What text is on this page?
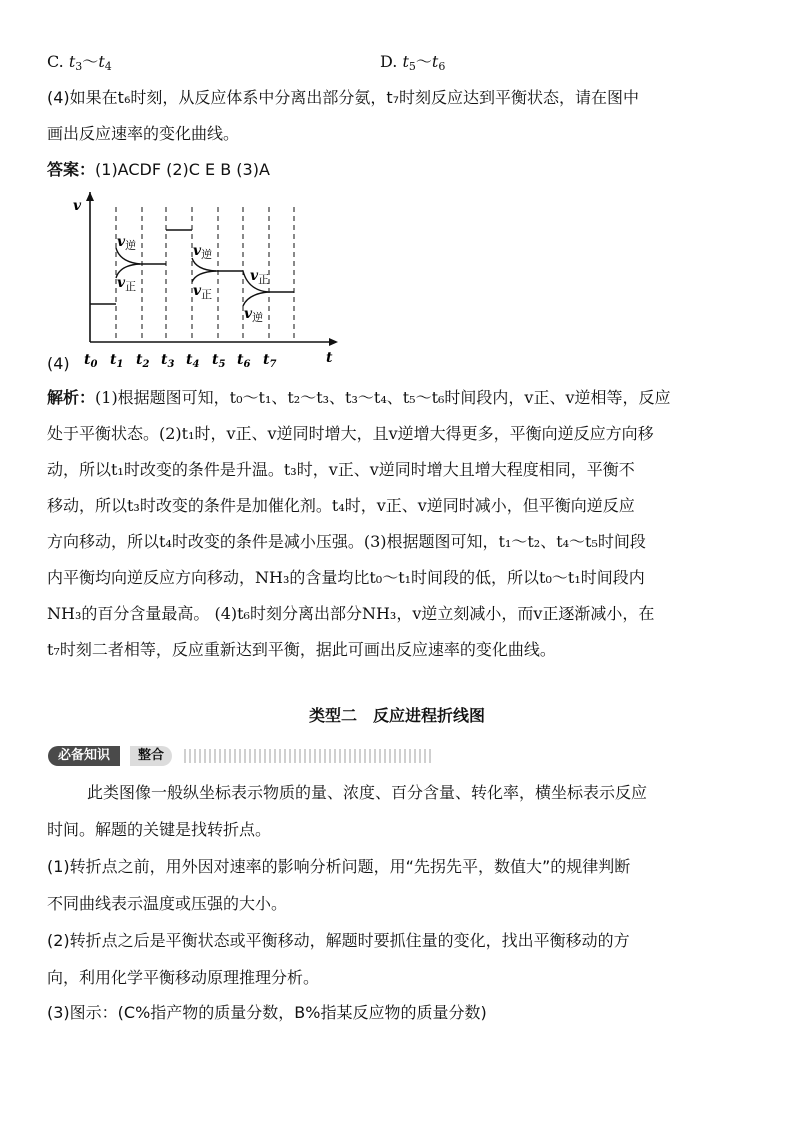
C. $t_3\sim t_4$	D. $t_5\sim t_6$
(4)如果在t₆时刻，从反应体系中分离出部分氨，t₇时刻反应达到平衡状态，请在图中
画出反应速率的变化曲线。
答案：(1)ACDF (2)C E B (3)A
(4)
v
t
$v_逆$
$v_正$
$v_逆$
$v_正$
$v_正$
$v_逆$
$t_0$ $t_1$ $t_2$ $t_3$ $t_4$ $t_5$ $t_6$ $t_7$
解析：(1)根据题图可知，t₀～t₁、t₂～t₃、t₃～t₄、t₅～t₆时间段内，v正、v逆相等，反应
处于平衡状态。(2)t₁时，v正、v逆同时增大，且v逆增大得更多，平衡向逆反应方向移
动，所以t₁时改变的条件是升温。t₃时，v正、v逆同时增大且增大程度相同，平衡不
移动，所以t₃时改变的条件是加催化剂。t₄时，v正、v逆同时减小，但平衡向逆反应
方向移动，所以t₄时改变的条件是减小压强。(3)根据题图可知，t₁～t₂、t₄～t₅时间段
内平衡均向逆反应方向移动，NH₃的含量均比t₀～t₁时间段的低，所以t₀～t₁时间段内
NH₃的百分含量最高。 (4)t₆时刻分离出部分NH₃，v逆立刻减小，而v正逐渐减小，在
t₇时刻二者相等，反应重新达到平衡，据此可画出反应速率的变化曲线。
类型二　反应进程折线图
必备知识	整合
此类图像一般纵坐标表示物质的量、浓度、百分含量、转化率，横坐标表示反应
时间。解题的关键是找转折点。
(1)转折点之前，用外因对速率的影响分析问题，用“先拐先平，数值大”的规律判断
不同曲线表示温度或压强的大小。
(2)转折点之后是平衡状态或平衡移动，解题时要抓住量的变化，找出平衡移动的方
向，利用化学平衡移动原理推理分析。
(3)图示：(C%指产物的质量分数，B%指某反应物的质量分数)
